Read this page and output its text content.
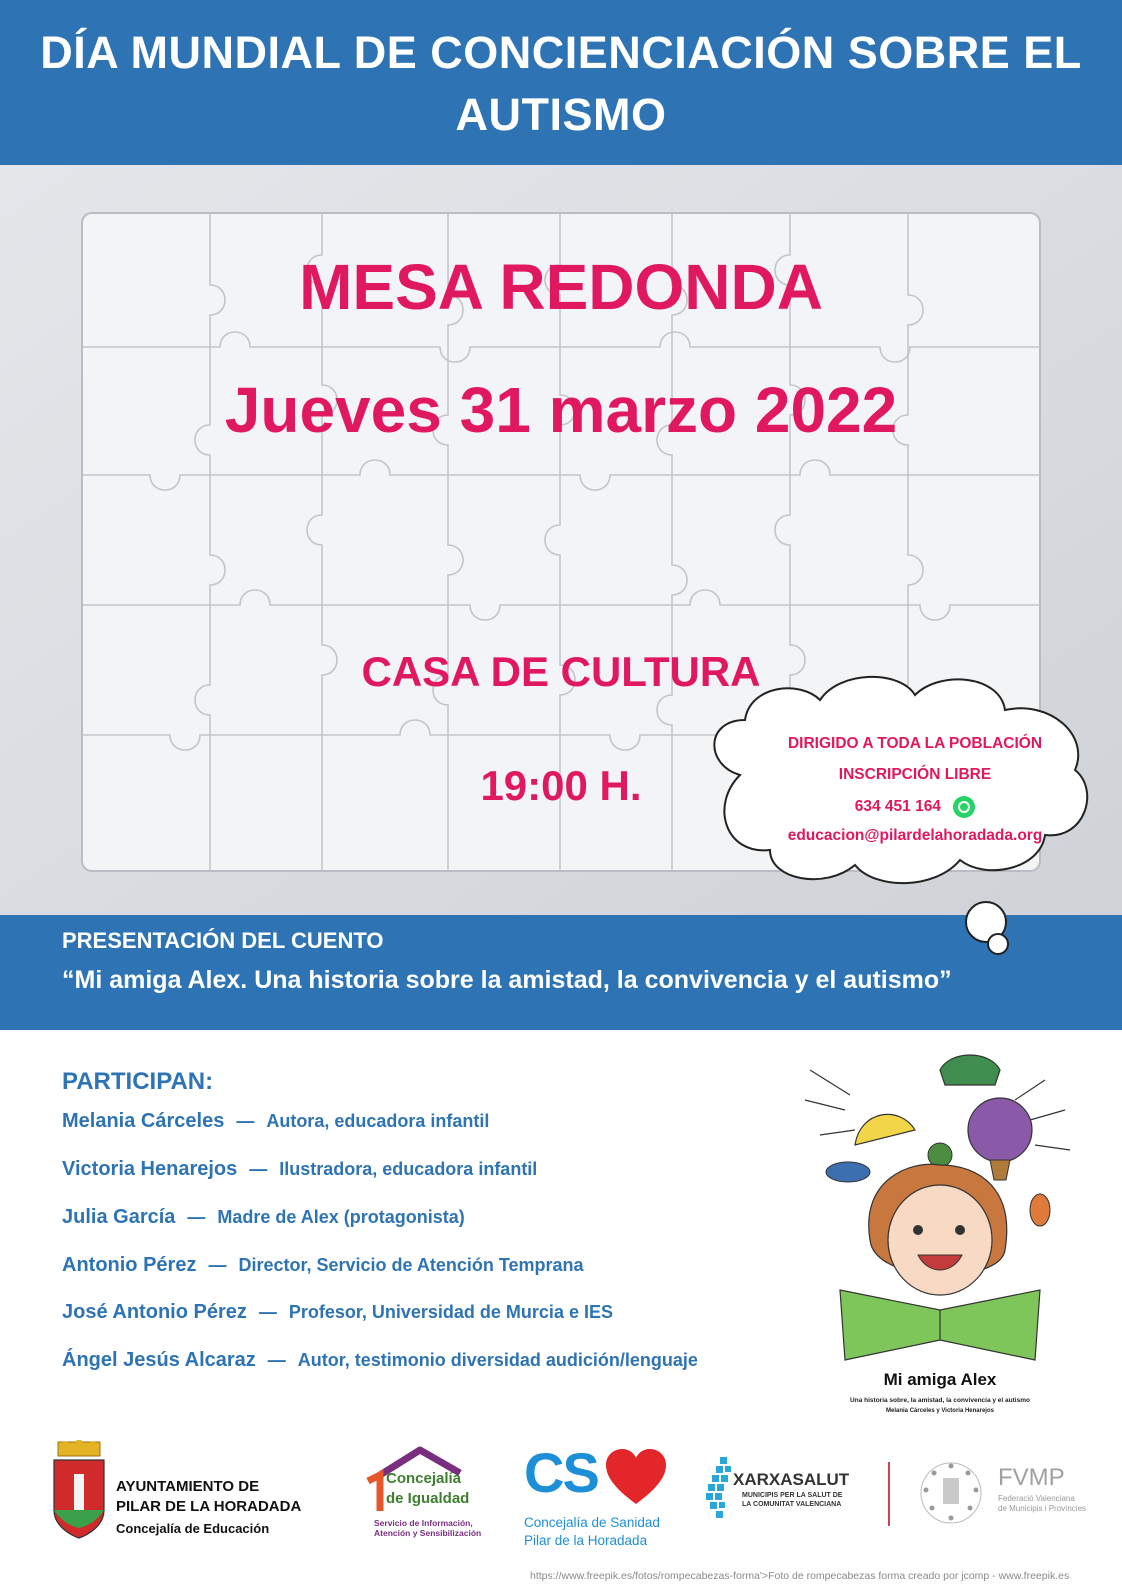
DÍA MUNDIAL DE CONCIENCIACIÓN SOBRE EL
AUTISMO
MESA REDONDA
Jueves 31 marzo 2022
CASA DE CULTURA
19:00 H.
PRESENTACIÓN DEL CUENTO
“Mi amiga Alex. Una historia sobre la amistad, la convivencia y el autismo”
DIRIGIDO A TODA LA POBLACIÓN
INSCRIPCIÓN LIBRE
634 451 164
educacion@pilardelahoradada.org
PARTICIPAN:
Melania Cárceles — Autora, educadora infantil
Victoria Henarejos — Ilustradora, educadora infantil
Julia García — Madre de Alex (protagonista)
Antonio Pérez — Director, Servicio de Atención Temprana
José Antonio Pérez — Profesor, Universidad de Murcia e IES
Ángel Jesús Alcaraz — Autor, testimonio diversidad audición/lenguaje
Mi amiga Alex
Una historia sobre, la amistad, la convivencia y el autismo
Melania Cárceles y Victoria Henarejos
AYUNTAMIENTO DE
PILAR DE LA HORADADA
Concejalía de Educación
Concejalía
de Igualdad
Servicio de Información,
Atención y Sensibilización
CS
Concejalía de Sanidad
Pilar de la Horadada
XARXASALUT
MUNICIPIS PER LA SALUT DE
LA COMUNITAT VALENCIANA
FVMP
Federació Valenciana
de Municipis i Províncies
https://www.freepik.es/fotos/rompecabezas-forma'>Foto de rompecabezas forma creado por jcomp - www.freepik.es
